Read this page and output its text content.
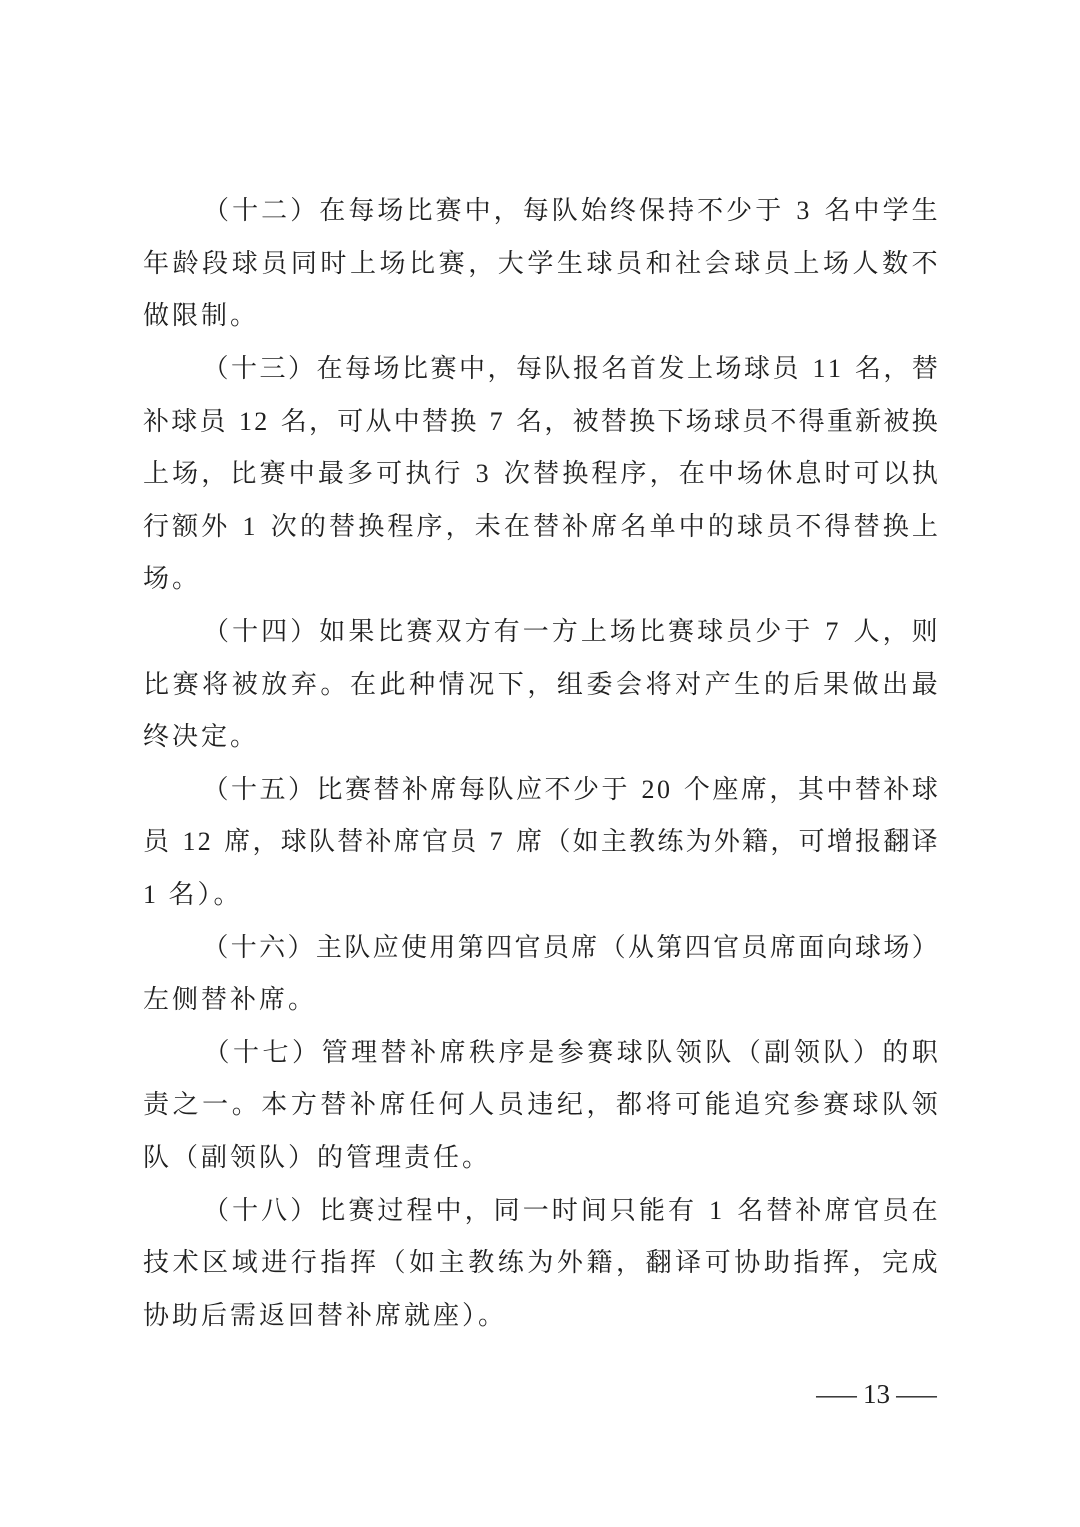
（ 十 二 ） 在 每 场 比 赛 中 ， 每 队 始 终 保 持 不 少 于
3
名 中 学 生
年 龄 段 球 员 同 时 上 场 比 赛 ， 大 学 生 球 员 和 社 会 球 员 上 场 人 数 不
做限制。
（ 十 三 ） 在 每 场 比 赛 中 ， 每 队 报 名 首 发 上 场 球 员
1 1
名 ， 替
补 球 员
1 2
名 ， 可 从 中 替 换
7
名 ， 被 替 换 下 场 球 员 不 得 重 新 被 换
上 场 ， 比 赛 中 最 多 可 执 行
3
次 替 换 程 序 ， 在 中 场 休 息 时 可 以 执
行 额 外
1
次 的 替 换 程 序 ， 未 在 替 补 席 名 单 中 的 球 员 不 得 替 换 上
场。
（ 十 四 ） 如 果 比 赛 双 方 有 一 方 上 场 比 赛 球 员 少 于
7
人 ， 则
比 赛 将 被 放 弃 。 在 此 种 情 况 下 ， 组 委 会 将 对 产 生 的 后 果 做 出 最
终决定。
（ 十 五 ） 比 赛 替 补 席 每 队 应 不 少 于
2 0
个 座 席 ， 其 中 替 补 球
员
1 2
席 ， 球 队 替 补 席 官 员
7
席 （ 如 主 教 练 为 外 籍 ， 可 增 报 翻 译
1 名）。
（ 十 六 ） 主 队 应 使 用 第 四 官 员 席 （ 从 第 四 官 员 席 面 向 球 场 ）
左侧替补席。
（ 十 七 ） 管 理 替 补 席 秩 序 是 参 赛 球 队 领 队 （ 副 领 队 ） 的 职
责 之 一 。 本 方 替 补 席 任 何 人 员 违 纪 ， 都 将 可 能 追 究 参 赛 球 队 领
队（副领队）的管理责任。
（ 十 八 ） 比 赛 过 程 中 ， 同 一 时 间 只 能 有
1
名 替 补 席 官 员 在
技 术 区 域 进 行 指 挥 （ 如 主 教 练 为 外 籍 ， 翻 译 可 协 助 指 挥 ， 完 成
协助后需返回替补席就座）。
— 13 —
